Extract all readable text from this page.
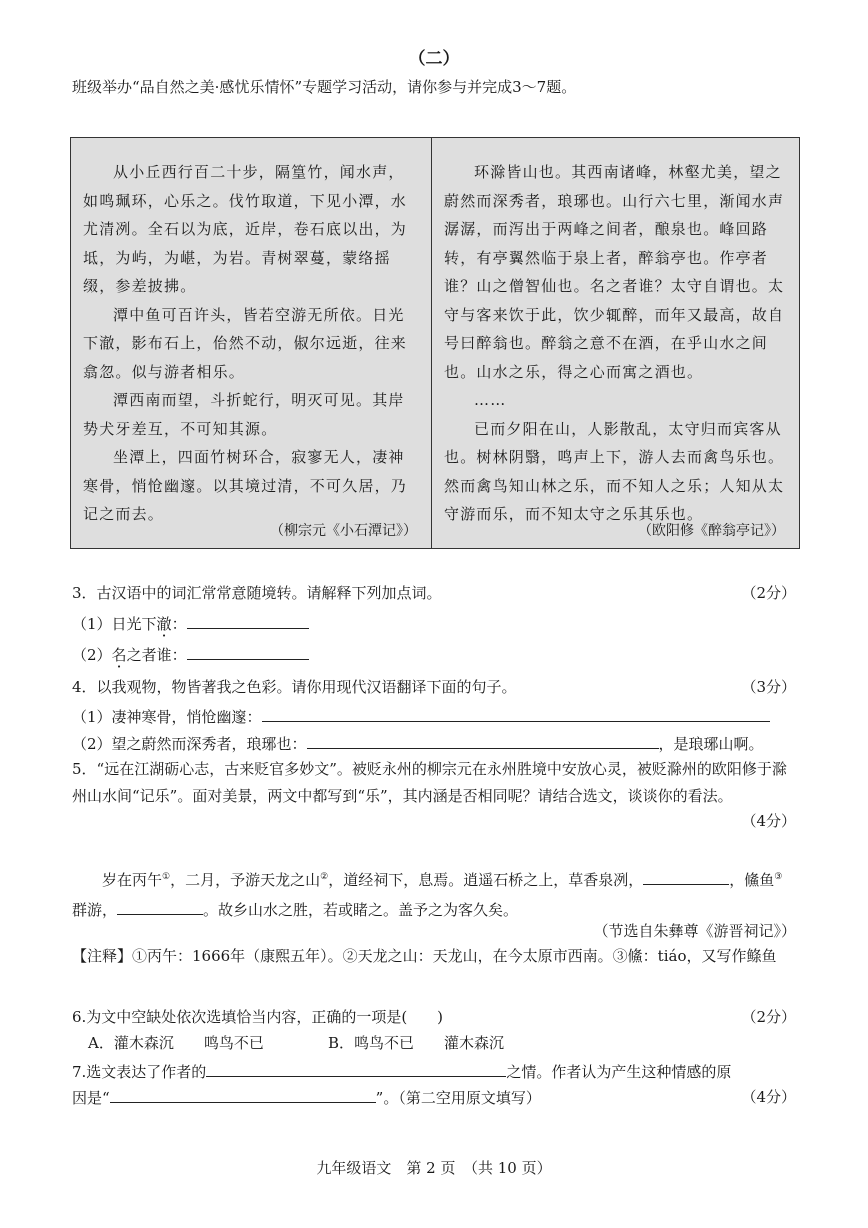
（二）
班级举办“品自然之美·感忧乐情怀”专题学习活动，请你参与并完成3～7题。

从小丘西行百二十步，隔篁竹，闻水声，如鸣珮环，心乐之。伐竹取道，下见小潭，水尤清冽。全石以为底，近岸，卷石底以出，为坻，为屿，为嵁，为岩。青树翠蔓，蒙络摇缀，参差披拂。

潭中鱼可百许头，皆若空游无所依。日光下澈，影布石上，佁然不动，俶尔远逝，往来翕忽。似与游者相乐。

潭西南而望，斗折蛇行，明灭可见。其岸势犬牙差互，不可知其源。

坐潭上，四面竹树环合，寂寥无人，凄神寒骨，悄怆幽邃。以其境过清，不可久居，乃记之而去。

（柳宗元《小石潭记》）

环滁皆山也。其西南诸峰，林壑尤美，望之蔚然而深秀者，琅琊也。山行六七里，渐闻水声潺潺，而泻出于两峰之间者，酿泉也。峰回路转，有亭翼然临于泉上者，醉翁亭也。作亭者谁？山之僧智仙也。名之者谁？太守自谓也。太守与客来饮于此，饮少辄醉，而年又最高，故自号曰醉翁也。醉翁之意不在酒，在乎山水之间也。山水之乐，得之心而寓之酒也。

……

已而夕阳在山，人影散乱，太守归而宾客从也。树林阴翳，鸣声上下，游人去而禽鸟乐也。然而禽鸟知山林之乐，而不知人之乐；人知从太守游而乐，而不知太守之乐其乐也。

（欧阳修《醉翁亭记》）
3．古汉语中的词汇常常意随境转。请解释下列加点词。	（2分）
（1）日光下澈：
（2）名之者谁：
4．以我观物，物皆著我之色彩。请你用现代汉语翻译下面的句子。	（3分）
（1）凄神寒骨，悄怆幽邃：
（2）望之蔚然而深秀者，琅琊也：	，是琅琊山啊。
5．“远在江湖砺心志，古来贬官多妙文”。被贬永州的柳宗元在永州胜境中安放心灵，被贬滁州的欧阳修于滁州山水间“记乐”。面对美景，两文中都写到“乐”，其内涵是否相同呢？请结合选文，谈谈你的看法。
（4分）
岁在丙午①，二月，予游天龙之山②，道经祠下，息焉。逍遥石桥之上，草香泉冽，	，鯈鱼③群游，	。故乡山水之胜，若或睹之。盖予之为客久矣。
（节选自朱彝尊《游晋祠记》）
【注释】①丙午：1666年（康熙五年）。②天龙之山：天龙山，在今太原市西南。③鯈：tiáo，又写作鲦鱼
6.为文中空缺处依次选填恰当内容，正确的一项是(　　)	（2分）
A．灌木森沉　　鸣鸟不已	B．鸣鸟不已　　灌木森沉
7.选文表达了作者的	之情。作者认为产生这种情感的原
因是“	”。（第二空用原文填写）	（4分）
九年级语文　第 2 页　（共 10 页）
